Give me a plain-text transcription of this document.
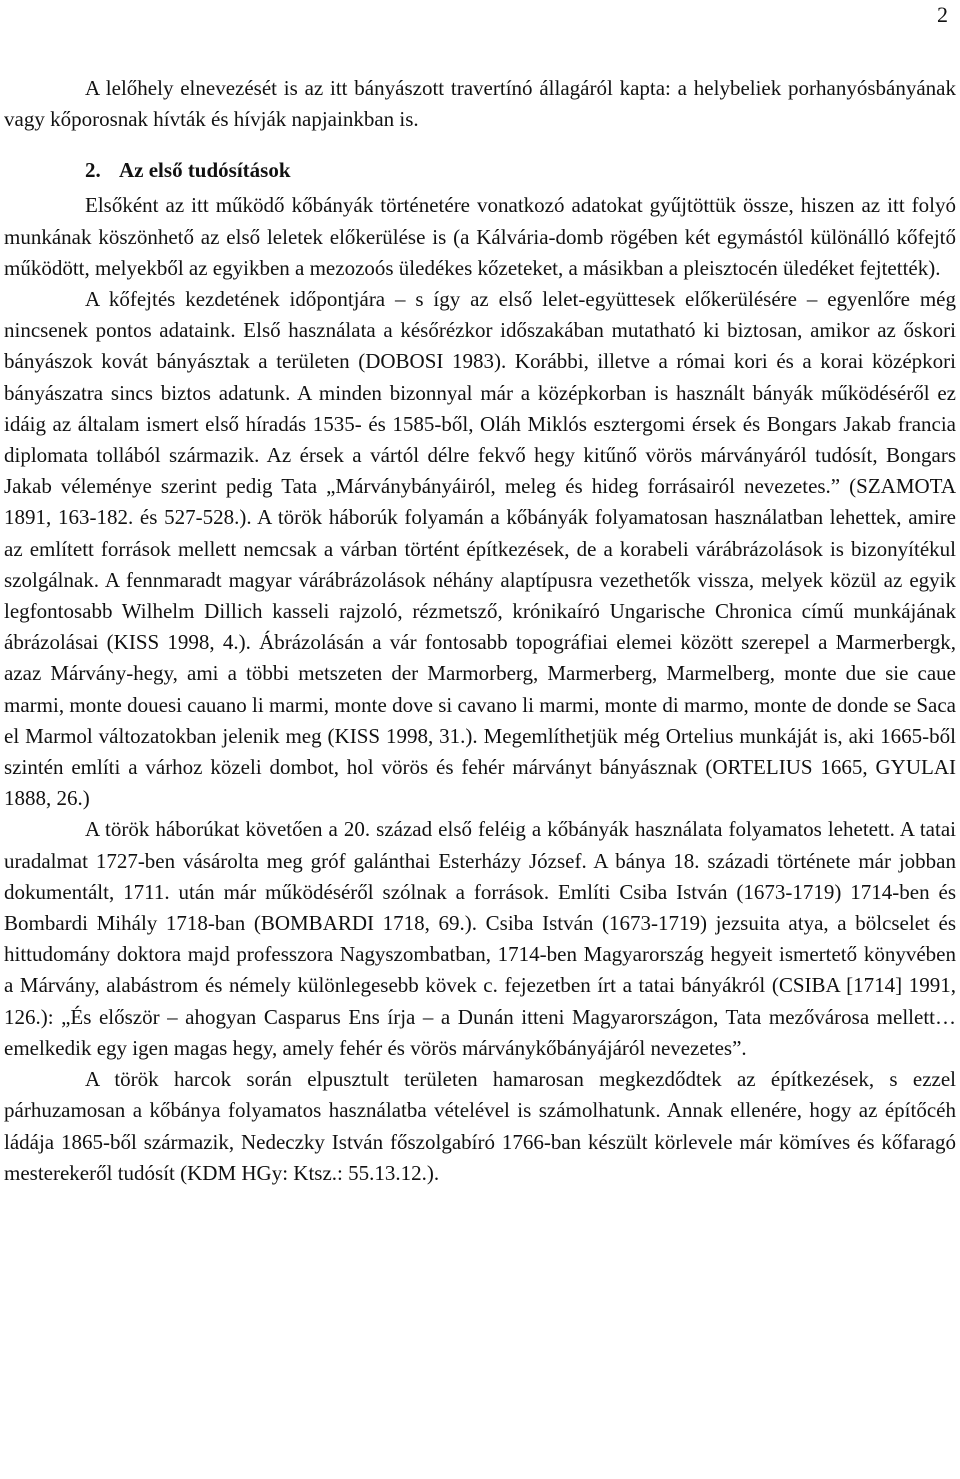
2

A lelőhely elnevezését is az itt bányászott travertínó állagáról kapta: a helybeliek porhanyósbányának vagy kőporosnak hívták és hívják napjainkban is.

2. Az első tudósítások

Elsőként az itt működő kőbányák történetére vonatkozó adatokat gyűjtöttük össze, hiszen az itt folyó munkának köszönhető az első leletek előkerülése is (a Kálvária-domb rögében két egymástól különálló kőfejtő működött, melyekből az egyikben a mezozoós üledékes kőzeteket, a másikban a pleisztocén üledéket fejtették).

A kőfejtés kezdetének időpontjára – s így az első lelet-együttesek előkerülésére – egyenlőre még nincsenek pontos adataink. Első használata a későrézkor időszakában mutatható ki biztosan, amikor az őskori bányászok kovát bányásztak a területen (DOBOSI 1983). Korábbi, illetve a római kori és a korai középkori bányászatra sincs biztos adatunk. A minden bizonnyal már a középkorban is használt bányák működéséről ez idáig az általam ismert első híradás 1535- és 1585-ből, Oláh Miklós esztergomi érsek és Bongars Jakab francia diplomata tollából származik. Az érsek a vártól délre fekvő hegy kitűnő vörös márványáról tudósít, Bongars Jakab véleménye szerint pedig Tata „Márványbányáiról, meleg és hideg forrásairól nevezetes.” (SZAMOTA 1891, 163-182. és 527-528.). A török háborúk folyamán a kőbányák folyamatosan használatban lehettek, amire az említett források mellett nemcsak a várban történt építkezések, de a korabeli várábrázolások is bizonyítékul szolgálnak. A fennmaradt magyar várábrázolások néhány alaptípusra vezethetők vissza, melyek közül az egyik legfontosabb Wilhelm Dillich kasseli rajzoló, rézmetsző, krónikaíró Ungarische Chronica című munkájának ábrázolásai (KISS 1998, 4.). Ábrázolásán a vár fontosabb topográfiai elemei között szerepel a Marmerbergk, azaz Márvány-hegy, ami a többi metszeten der Marmorberg, Marmerberg, Marmelberg, monte due sie caue marmi, monte douesi cauano li marmi, monte dove si cavano li marmi, monte di marmo, monte de donde se Saca el Marmol változatokban jelenik meg (KISS 1998, 31.). Megemlíthetjük még Ortelius munkáját is, aki 1665-ből szintén említi a várhoz közeli dombot, hol vörös és fehér márványt bányásznak (ORTELIUS 1665, GYULAI 1888, 26.)

A török háborúkat követően a 20. század első feléig a kőbányák használata folyamatos lehetett. A tatai uradalmat 1727-ben vásárolta meg gróf galánthai Esterházy József. A bánya 18. századi története már jobban dokumentált, 1711. után már működéséről szólnak a források. Említi Csiba István (1673-1719) 1714-ben és Bombardi Mihály 1718-ban (BOMBARDI 1718, 69.). Csiba István (1673-1719) jezsuita atya, a bölcselet és hittudomány doktora majd professzora Nagyszombatban, 1714-ben Magyarország hegyeit ismertető könyvében a Márvány, alabástrom és némely különlegesebb kövek c. fejezetben írt a tatai bányákról (CSIBA [1714] 1991, 126.): „És először – ahogyan Casparus Ens írja – a Dunán itteni Magyarországon, Tata mezővárosa mellett… emelkedik egy igen magas hegy, amely fehér és vörös márványkőbányájáról nevezetes”.

A török harcok során elpusztult területen hamarosan megkezdődtek az építkezések, s ezzel párhuzamosan a kőbánya folyamatos használatba vételével is számolhatunk. Annak ellenére, hogy az építőcéh ládája 1865-ből származik, Nedeczky István főszolgabíró 1766-ban készült körlevele már kömíves és kőfaragó mesterekeről tudósít (KDM HGy: Ktsz.: 55.13.12.).
